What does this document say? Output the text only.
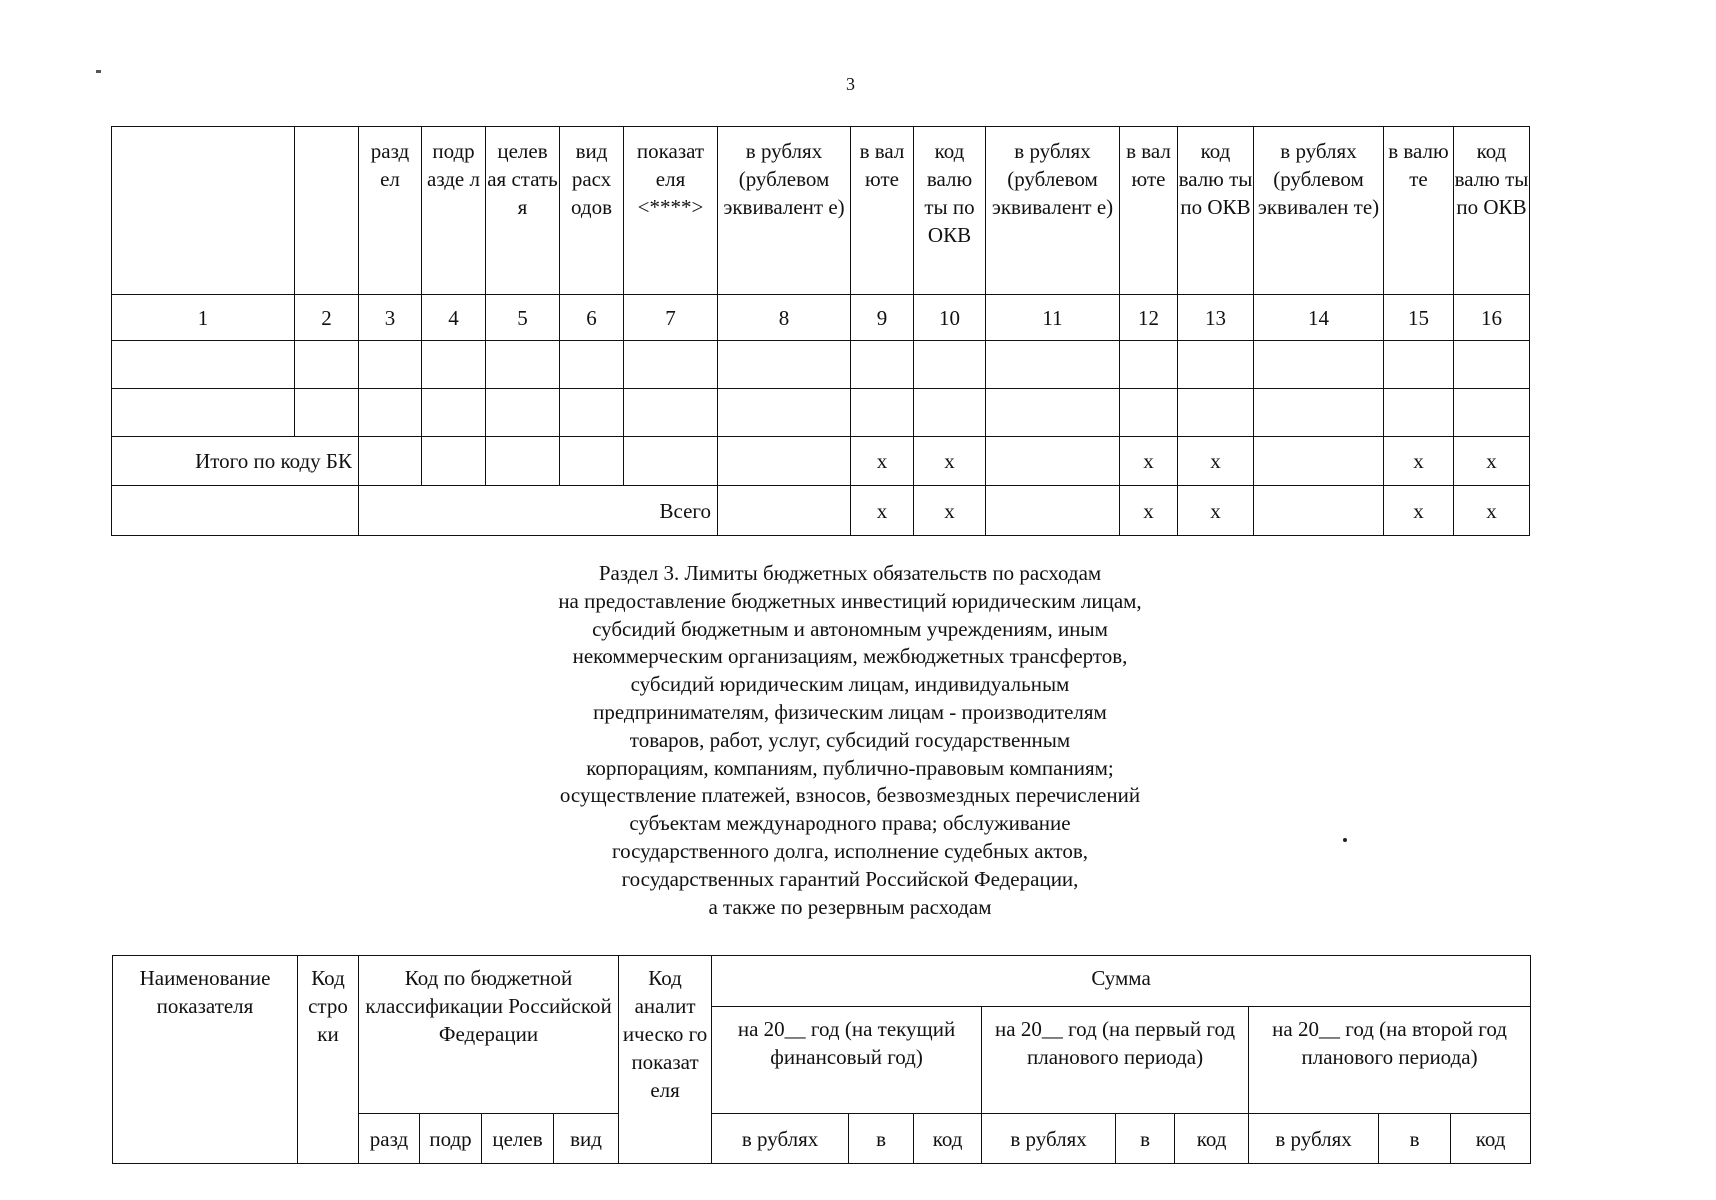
3
		разд ел	подр азде л	целев ая стать я	вид расх одов	показат еля <****>	в рублях (рублевом эквивалент е)	в вал юте	код валю ты по ОКВ	в рублях (рублевом эквивалент е)	в вал юте	код валю ты по ОКВ	в рублях (рублевом эквивален те)	в валю те	код валю ты по ОКВ
1	2	3	4	5	6	7	8	9	10	11	12	13	14	15	16

Итого по коду БК								х	х		х	х		х	х
		Всего						х	х		х	х		х	х
Раздел 3. Лимиты бюджетных обязательств по расходам
на предоставление бюджетных инвестиций юридическим лицам,
субсидий бюджетным и автономным учреждениям, иным
некоммерческим организациям, межбюджетных трансфертов,
субсидий юридическим лицам, индивидуальным
предпринимателям, физическим лицам - производителям
товаров, работ, услуг, субсидий государственным
корпорациям, компаниям, публично-правовым компаниям;
осуществление платежей, взносов, безвозмездных перечислений
субъектам международного права; обслуживание
государственного долга, исполнение судебных актов,
государственных гарантий Российской Федерации,
а также по резервным расходам
Наименование показателя	Код стро ки	Код по бюджетной классификации Российской Федерации				Код аналит ическо го показат еля	Сумма								
							на 20__ год (на текущий финансовый год)			на 20__ год (на первый год планового периода)			на 20__ год (на второй год планового периода)		
		разд	подр	целев	вид		в рублях	в	код	в рублях	в	код	в рублях	в	код
